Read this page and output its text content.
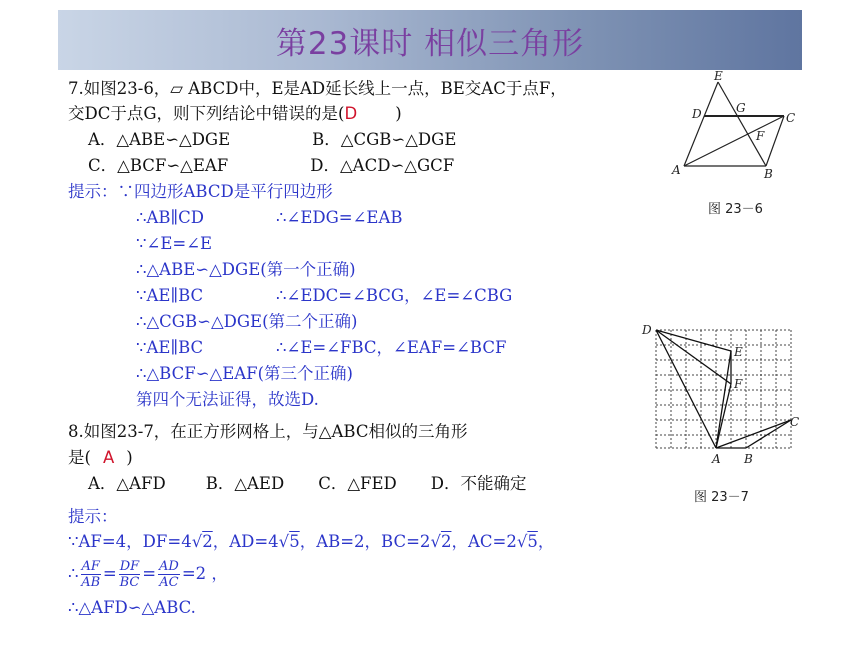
第23课时 相似三角形
7.如图23-6，▱ ABCD中，E是AD延长线上一点，BE交AC于点F，
交DC于点G，则下列结论中错误的是(D )
A．△ABE∽△DGE	B．△CGB∽△DGE
C．△BCF∽△EAF	D．△ACD∽△GCF
提示：∵四边形ABCD是平行四边形
∴AB∥CD	∴∠EDG=∠EAB
∵∠E=∠E
∴△ABE∽△DGE(第一个正确)
∵AE∥BC	∴∠EDC=∠BCG，∠E=∠CBG
∴△CGB∽△DGE(第二个正确)
∵AE∥BC	∴∠E=∠FBC，∠EAF=∠BCF
∴△BCF∽△EAF(第三个正确)
第四个无法证得，故选D.
8.如图23-7，在正方形网格上，与△ABC相似的三角形
是( A )
A．△AFD B．△AED C．△FED D．不能确定
提示：
∵AF=4，DF=4√2，AD=4√5，AB=2，BC=2√2，AC=2√5，
∴ $\frac{AF}{AB} = \frac{DF}{BC} = \frac{AD}{AC} =2$ ，
∴△AFD∽△ABC.
E
D	G
C
F
A	B
图 23－6
D
E
F
C
A B
图 23－7
